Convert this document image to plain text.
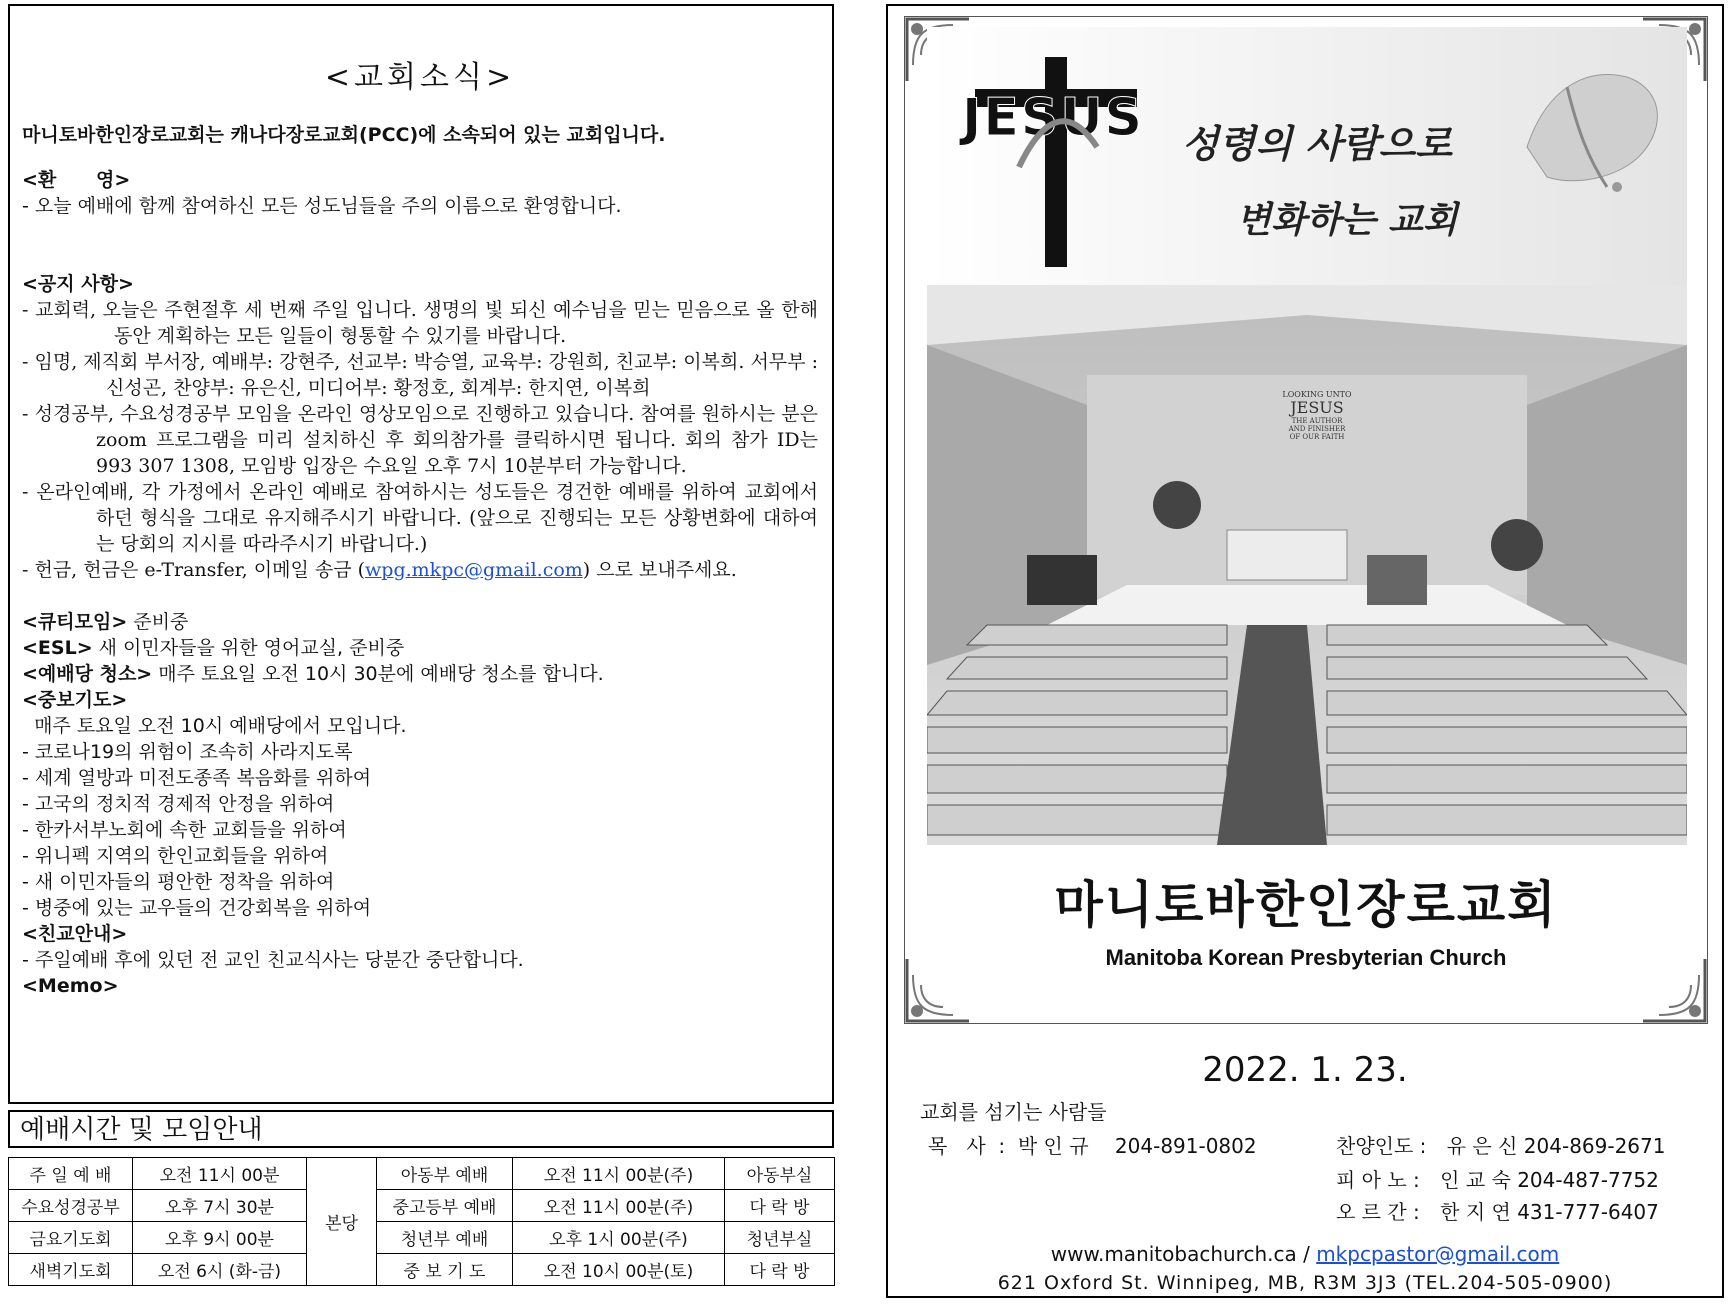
<교회소식>
마니토바한인장로교회는 캐나다장로교회(PCC)에 소속되어 있는 교회입니다.
<환      영>
- 오늘 예배에 함께 참여하신 모든 성도님들을 주의 이름으로 환영합니다.
<공지 사항>
- 교회력, 오늘은 주현절후 세 번째 주일 입니다. 생명의 빛 되신 예수님을 믿는 믿음으로 올 한해 동안 계획하는 모든 일들이 형통할 수 있기를 바랍니다.
- 임명, 제직회 부서장, 예배부: 강현주, 선교부: 박승열, 교육부: 강원희, 친교부: 이복희. 서무부 : 신성곤, 찬양부: 유은신, 미디어부: 황정호, 회계부: 한지연, 이복희
- 성경공부, 수요성경공부 모임을 온라인 영상모임으로 진행하고 있습니다. 참여를 원하시는 분은 zoom 프로그램을 미리 설치하신 후 회의참가를 클릭하시면 됩니다. 회의 참가 ID는 993 307 1308, 모임방 입장은 수요일 오후 7시 10분부터 가능합니다.
- 온라인예배, 각 가정에서 온라인 예배로 참여하시는 성도들은 경건한 예배를 위하여 교회에서 하던 형식을 그대로 유지해주시기 바랍니다. (앞으로 진행되는 모든 상황변화에 대하여는 당회의 지시를 따라주시기 바랍니다.)
- 헌금, 헌금은 e-Transfer, 이메일 송금 (wpg.mkpc@gmail.com) 으로 보내주세요.
<큐티모임> 준비중
<ESL> 새 이민자들을 위한 영어교실, 준비중
<예배당 청소> 매주 토요일 오전 10시 30분에 예배당 청소를 합니다.
<중보기도>
매주 토요일 오전 10시 예배당에서 모입니다.
- 코로나19의 위험이 조속히 사라지도록
- 세계 열방과 미전도종족 복음화를 위하여
- 고국의 정치적 경제적 안정을 위하여
- 한카서부노회에 속한 교회들을 위하여
- 위니펙 지역의 한인교회들을 위하여
- 새 이민자들의 평안한 정착을 위하여
- 병중에 있는 교우들의 건강회복을 위하여
<친교안내>
- 주일예배 후에 있던 전 교인 친교식사는 당분간 중단합니다.
<Memo>
예배시간 및 모임안내
주 일 예 배	오전 11시 00분	본당	아동부 예배	오전 11시 00분(주)	아동부실
수요성경공부	오후 7시 30분		중고등부 예배	오전 11시 00분(주)	다 락 방
금요기도회	오후 9시 00분		청년부 예배	오후 1시 00분(주)	청년부실
새벽기도회	오전 6시 (화-금)		중 보 기 도	오전 10시 00분(토)	다 락 방
JESUS 성령의 사람으로
변화하는 교회
LOOKING UNTO
JESUS
THE AUTHOR
AND FINISHER
OF OUR FAITH
마니토바한인장로교회
Manitoba Korean Presbyterian Church
2022. 1. 23.
교회를 섬기는 사람들
목   사  :  박 인 규 204-891-0802	찬양인도 : 유 은 신 204-869-2671
피 아 노 : 인 교 숙 204-487-7752
오 르 간 : 한 지 연 431-777-6407
www.manitobachurch.ca / mkpcpastor@gmail.com
621 Oxford St. Winnipeg, MB, R3M 3J3 (TEL.204-505-0900)
